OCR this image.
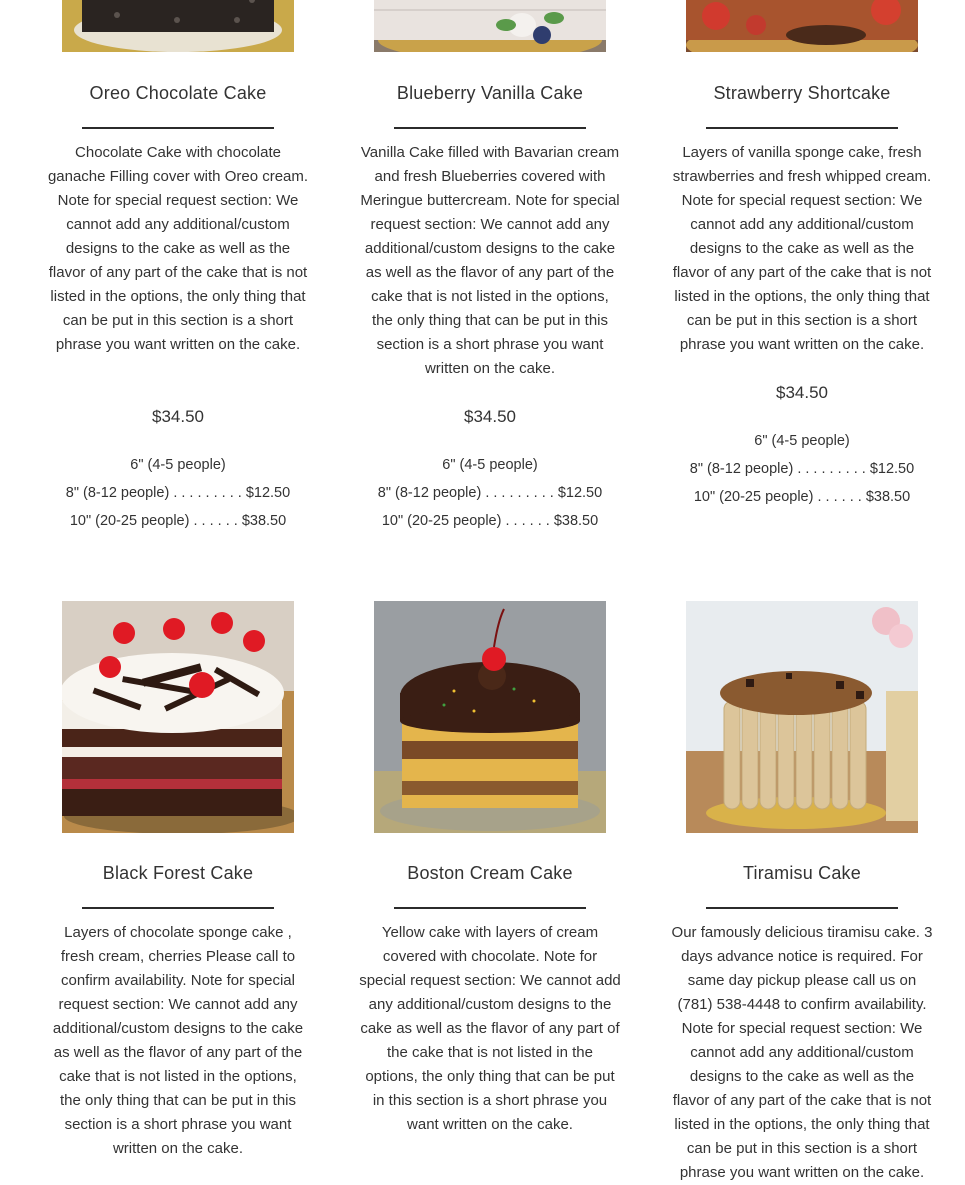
Oreo Chocolate Cake
Chocolate Cake with chocolate ganache Filling cover with Oreo cream. Note for special request section: We cannot add any additional/custom designs to the cake as well as the flavor of any part of the cake that is not listed in the options, the only thing that can be put in this section is a short phrase you want written on the cake.
$34.50
6" (4-5 people)
8" (8-12 people) . . . . . . . . . $12.50
10" (20-25 people) . . . . . . $38.50
Blueberry Vanilla Cake
Vanilla Cake filled with Bavarian cream and fresh Blueberries covered with Meringue buttercream. Note for special request section: We cannot add any additional/custom designs to the cake as well as the flavor of any part of the cake that is not listed in the options, the only thing that can be put in this section is a short phrase you want written on the cake.
$34.50
6" (4-5 people)
8" (8-12 people) . . . . . . . . . $12.50
10" (20-25 people) . . . . . . $38.50
Strawberry Shortcake
Layers of vanilla sponge cake, fresh strawberries and fresh whipped cream. Note for special request section: We cannot add any additional/custom designs to the cake as well as the flavor of any part of the cake that is not listed in the options, the only thing that can be put in this section is a short phrase you want written on the cake.
$34.50
6" (4-5 people)
8" (8-12 people) . . . . . . . . . $12.50
10" (20-25 people) . . . . . . $38.50
Black Forest Cake
Layers of chocolate sponge cake , fresh cream, cherries Please call to confirm availability. Note for special request section: We cannot add any additional/custom designs to the cake as well as the flavor of any part of the cake that is not listed in the options, the only thing that can be put in this section is a short phrase you want written on the cake.
Boston Cream Cake
Yellow cake with layers of cream covered with chocolate. Note for special request section: We cannot add any additional/custom designs to the cake as well as the flavor of any part of the cake that is not listed in the options, the only thing that can be put in this section is a short phrase you want written on the cake.
Tiramisu Cake
Our famously delicious tiramisu cake. 3 days advance notice is required. For same day pickup please call us on (781) 538-4448 to confirm availability. Note for special request section: We cannot add any additional/custom designs to the cake as well as the flavor of any part of the cake that is not listed in the options, the only thing that can be put in this section is a short phrase you want written on the cake.
